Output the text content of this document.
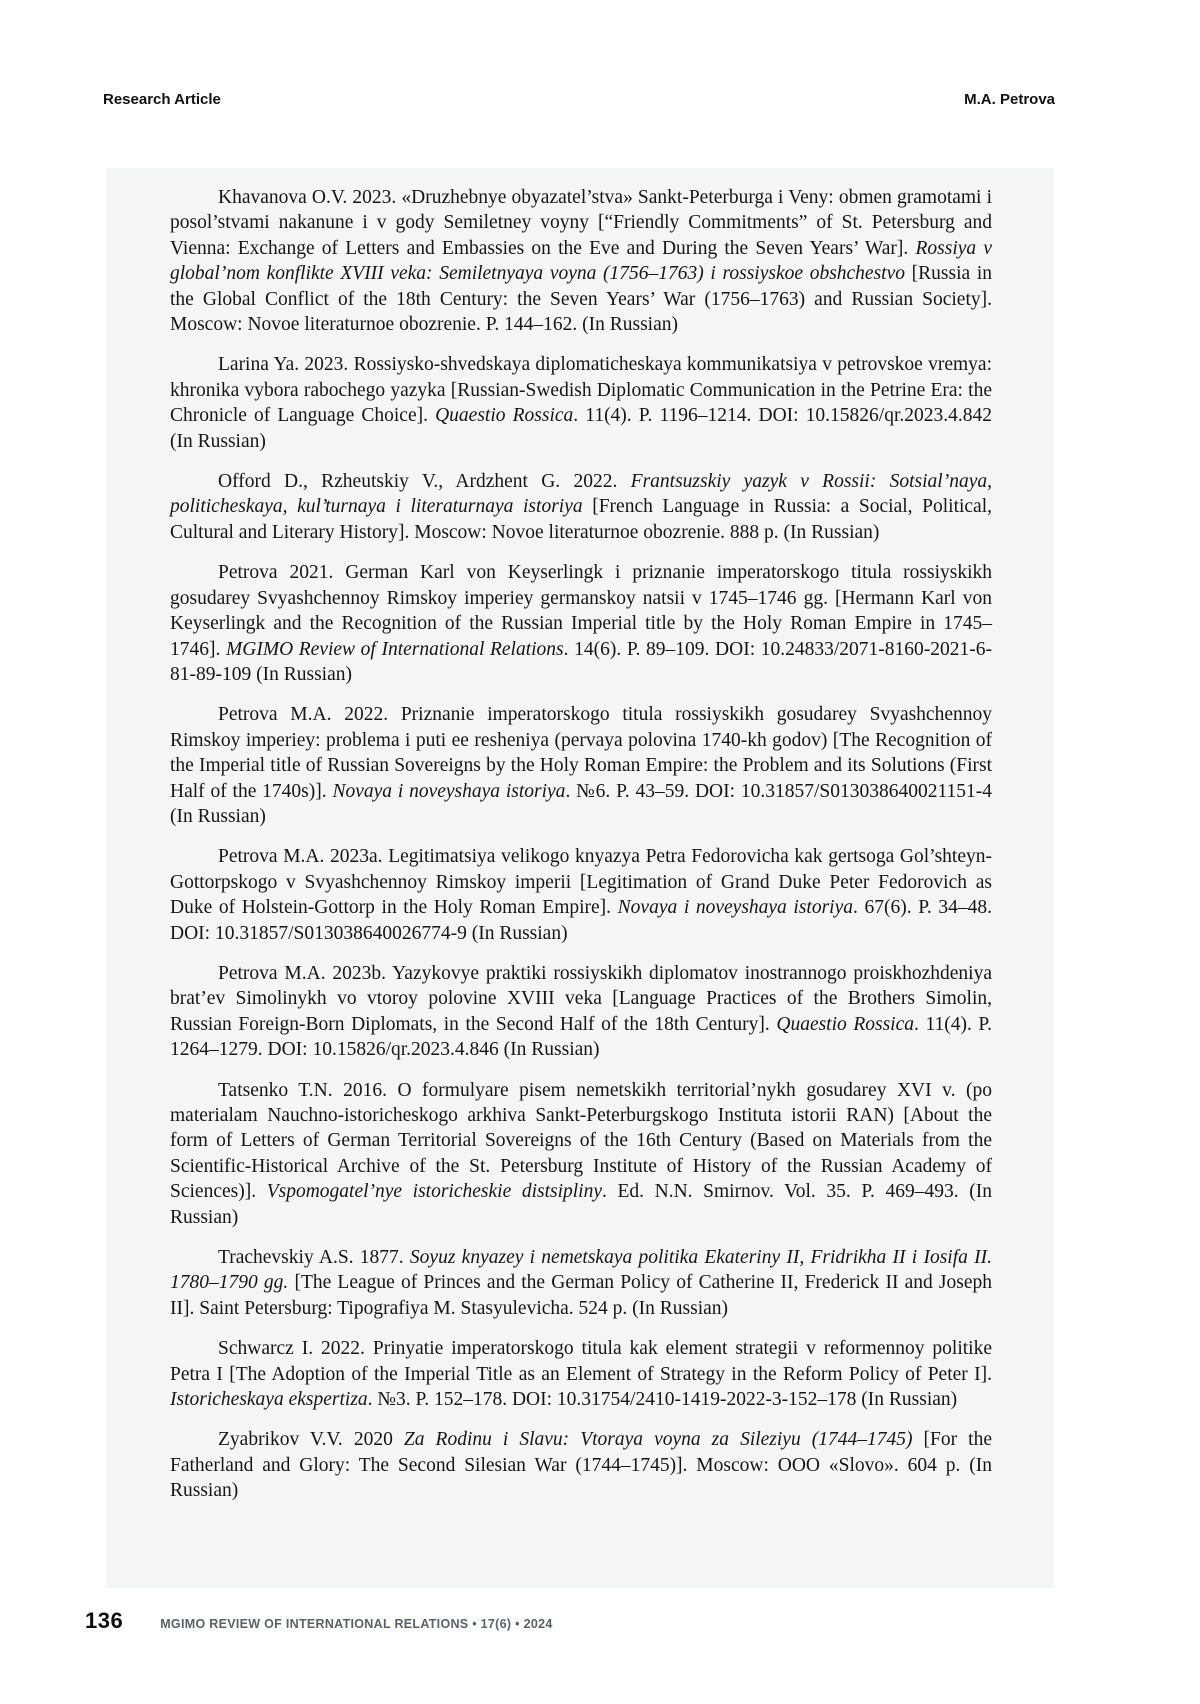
Research Article	M.A. Petrova

Khavanova O.V. 2023. «Druzhebnye obyazatel’stva» Sankt-Peterburga i Veny: obmen gramotami i posol’stvami nakanune i v gody Semiletney voyny [“Friendly Commitments” of St. Petersburg and Vienna: Exchange of Letters and Embassies on the Eve and During the Seven Years’ War]. Rossiya v global’nom konflikte XVIII veka: Semiletnyaya voyna (1756–1763) i rossiyskoe obshchestvo [Russia in the Global Conflict of the 18th Century: the Seven Years’ War (1756–1763) and Russian Society]. Moscow: Novoe literaturnoe obozrenie. P. 144–162. (In Russian)

Larina Ya. 2023. Rossiysko-shvedskaya diplomaticheskaya kommunikatsiya v petrovskoe vremya: khronika vybora rabochego yazyka [Russian-Swedish Diplomatic Communication in the Petrine Era: the Chronicle of Language Choice]. Quaestio Rossica. 11(4). P. 1196–1214. DOI: 10.15826/qr.2023.4.842 (In Russian)

Offord D., Rzheutskiy V., Ardzhent G. 2022. Frantsuzskiy yazyk v Rossii: Sotsial’naya, politicheskaya, kul’turnaya i literaturnaya istoriya [French Language in Russia: a Social, Political, Cultural and Literary History]. Moscow: Novoe literaturnoe obozrenie. 888 p. (In Russian)

Petrova 2021. German Karl von Keyserlingk i priznanie imperatorskogo titula rossiyskikh gosudarey Svyashchennoy Rimskoy imperiey germanskoy natsii v 1745–1746 gg. [Hermann Karl von Keyserlingk and the Recognition of the Russian Imperial title by the Holy Roman Empire in 1745–1746]. MGIMO Review of International Relations. 14(6). P. 89–109. DOI: 10.24833/2071-8160-2021-6-81-89-109 (In Russian)

Petrova M.A. 2022. Priznanie imperatorskogo titula rossiyskikh gosudarey Svyashchennoy Rimskoy imperiey: problema i puti ee resheniya (pervaya polovina 1740-kh godov) [The Recognition of the Imperial title of Russian Sovereigns by the Holy Roman Empire: the Problem and its Solutions (First Half of the 1740s)]. Novaya i noveyshaya istoriya. №6. P. 43–59. DOI: 10.31857/S013038640021151-4 (In Russian)

Petrova M.A. 2023a. Legitimatsiya velikogo knyazya Petra Fedorovicha kak gertsoga Gol’shteyn-Gottorpskogo v Svyashchennoy Rimskoy imperii [Legitimation of Grand Duke Peter Fedorovich as Duke of Holstein-Gottorp in the Holy Roman Empire]. Novaya i noveyshaya istoriya. 67(6). P. 34–48. DOI: 10.31857/S013038640026774-9 (In Russian)

Petrova M.A. 2023b. Yazykovye praktiki rossiyskikh diplomatov inostrannogo proiskhozhdeniya brat’ev Simolinykh vo vtoroy polovine XVIII veka [Language Practices of the Brothers Simolin, Russian Foreign-Born Diplomats, in the Second Half of the 18th Century]. Quaestio Rossica. 11(4). P. 1264–1279. DOI: 10.15826/qr.2023.4.846 (In Russian)

Tatsenko T.N. 2016. O formulyare pisem nemetskikh territorial’nykh gosudarey XVI v. (po materialam Nauchno-istoricheskogo arkhiva Sankt-Peterburgskogo Instituta istorii RAN) [About the form of Letters of German Territorial Sovereigns of the 16th Century (Based on Materials from the Scientific-Historical Archive of the St. Petersburg Institute of History of the Russian Academy of Sciences)]. Vspomogatel’nye istoricheskie distsipliny. Ed. N.N. Smirnov. Vol. 35. P. 469–493. (In Russian)

Trachevskiy A.S. 1877. Soyuz knyazey i nemetskaya politika Ekateriny II, Fridrikha II i Iosifa II. 1780–1790 gg. [The League of Princes and the German Policy of Catherine II, Frederick II and Joseph II]. Saint Petersburg: Tipografiya M. Stasyulevicha. 524 p. (In Russian)

Schwarcz I. 2022. Prinyatie imperatorskogo titula kak element strategii v reformennoy politike Petra I [The Adoption of the Imperial Title as an Element of Strategy in the Reform Policy of Peter I]. Istoricheskaya ekspertiza. №3. P. 152–178. DOI: 10.31754/2410-1419-2022-3-152–178 (In Russian)

Zyabrikov V.V. 2020 Za Rodinu i Slavu: Vtoraya voyna za Sileziyu (1744–1745) [For the Fatherland and Glory: The Second Silesian War (1744–1745)]. Moscow: OOO «Slovo». 604 p. (In Russian)

136	MGIMO REVIEW OF INTERNATIONAL RELATIONS • 17(6) • 2024
